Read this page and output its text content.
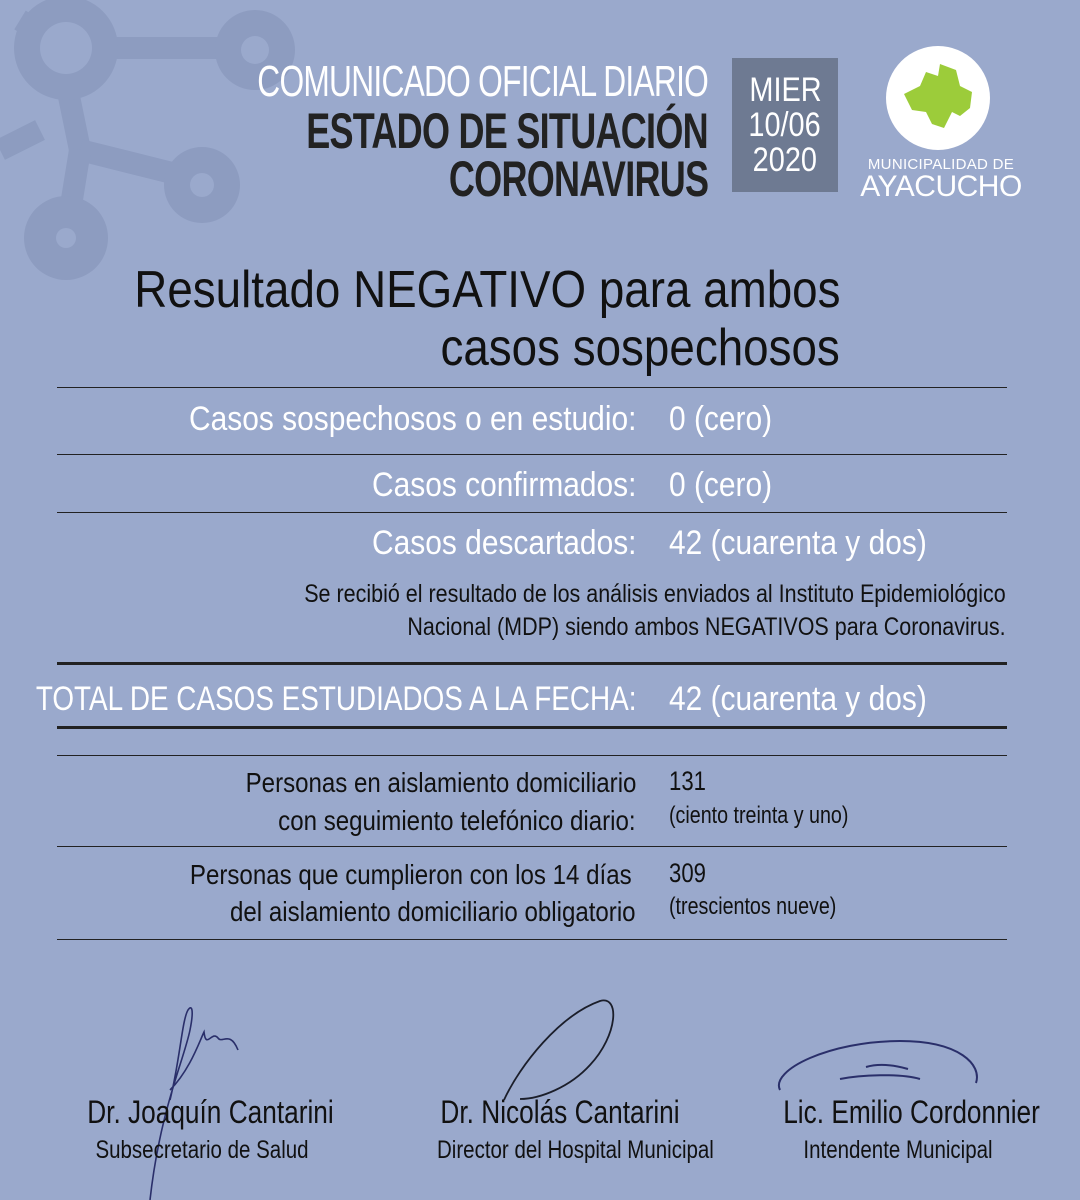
COMUNICADO OFICIAL DIARIO
ESTADO DE SITUACIÓN
CORONAVIRUS
MIER
10/06
2020	MUNICIPALIDAD DE
AYACUCHO
Resultado NEGATIVO para ambos
casos sospechosos
Casos sospechosos o en estudio: 0 (cero)
Casos confirmados: 0 (cero)
Casos descartados: 42 (cuarenta y dos)
Se recibió el resultado de los análisis enviados al Instituto Epidemiológico
Nacional (MDP) siendo ambos NEGATIVOS para Coronavirus.
TOTAL DE CASOS ESTUDIADOS A LA FECHA: 42 (cuarenta y dos)
Personas en aislamiento domiciliario
con seguimiento telefónico diario:
131
(ciento treinta y uno)
Personas que cumplieron con los 14 días
del aislamiento domiciliario obligatorio
309
(trescientos nueve)
Dr. Joaquín Cantarini
Subsecretario de Salud
Dr. Nicolás Cantarini
Director del Hospital Municipal
Lic. Emilio Cordonnier
Intendente Municipal
